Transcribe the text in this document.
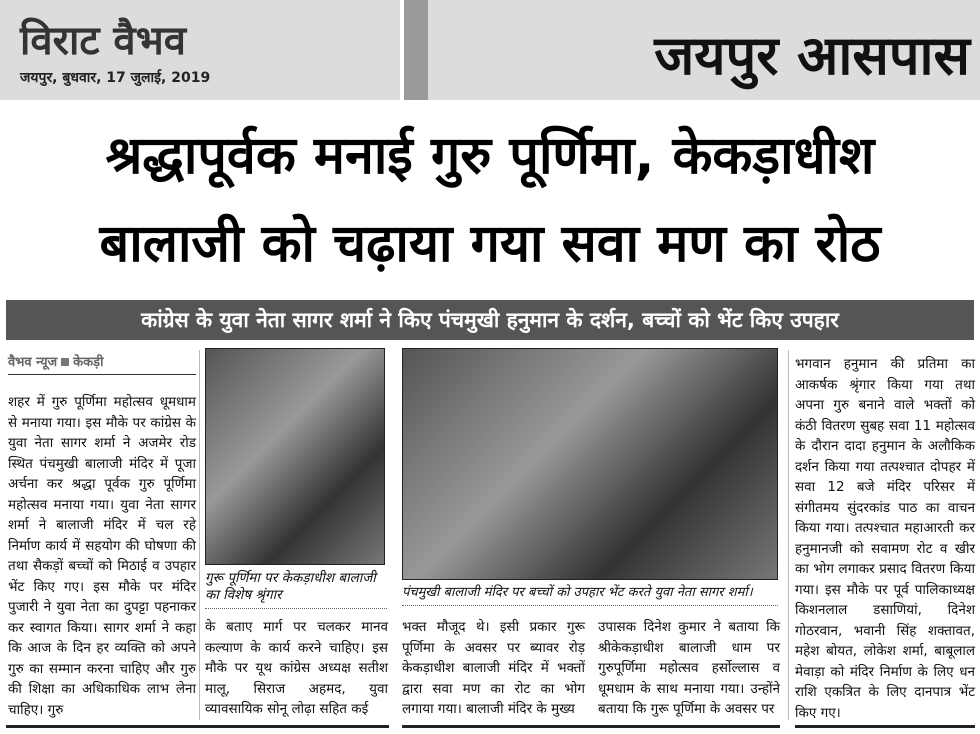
विराट वैभव
जयपुर, बुधवार, 17 जुलाई, 2019	जयपुर आसपास
श्रद्धापूर्वक मनाई गुरु पूर्णिमा, केकड़ाधीश
बालाजी को चढ़ाया गया सवा मण का रोठ
कांग्रेस के युवा नेता सागर शर्मा ने किए पंचमुखी हनुमान के दर्शन, बच्चों को भेंट किए उपहार
वैभव न्यूज केकड़ी
शहर में गुरु पूर्णिमा महोत्सव धूमधाम से मनाया गया। इस मौके पर कांग्रेस के युवा नेता सागर शर्मा ने अजमेर रोड स्थित पंचमुखी बालाजी मंदिर में पूजा अर्चना कर श्रद्धा पूर्वक गुरु पूर्णिमा महोत्सव मनाया गया। युवा नेता सागर शर्मा ने बालाजी मंदिर में चल रहे निर्माण कार्य में सहयोग की घोषणा की तथा सैकड़ों बच्चों को मिठाई व उपहार भेंट किए गए। इस मौके पर मंदिर पुजारी ने युवा नेता का दुपट्टा पहनाकर कर स्वागत किया। सागर शर्मा ने कहा कि आज के दिन हर व्यक्ति को अपने गुरु का सम्मान करना चाहिए और गुरु की शिक्षा का अधिकाधिक लाभ लेना चाहिए। गुरु
गुरू पूर्णिमा पर केकड़ाधीश बालाजी का विशेष श्रृंगार
के बताए मार्ग पर चलकर मानव कल्याण के कार्य करने चाहिए। इस मौके पर यूथ कांग्रेस अध्यक्ष सतीश मालू, सिराज अहमद, युवा व्यावसायिक सोनू लोढ़ा सहित कई
पंचमुखी बालाजी मंदिर पर बच्चों को उपहार भेंट करते युवा नेता सागर शर्मा।
भक्त मौजूद थे। इसी प्रकार गुरू पूर्णिमा के अवसर पर ब्यावर रोड़ केकड़ाधीश बालाजी मंदिर में भक्तों द्वारा सवा मण का रोट का भोग लगाया गया। बालाजी मंदिर के मुख्य
उपासक दिनेश कुमार ने बताया कि श्रीकेकड़ाधीश बालाजी धाम पर गुरुपूर्णिमा महोत्सव हर्सोल्लास व धूमधाम के साथ मनाया गया। उन्होंने बताया कि गुरू पूर्णिमा के अवसर पर
भगवान हनुमान की प्रतिमा का आकर्षक श्रृंगार किया गया तथा अपना गुरु बनाने वाले भक्तों को कंठी वितरण सुबह सवा 11 महोत्सव के दौरान दादा हनुमान के अलौकिक दर्शन किया गया तत्पश्चात दोपहर में सवा 12 बजे मंदिर परिसर में संगीतमय सुंदरकांड पाठ का वाचन किया गया। तत्पश्चात महाआरती कर हनुमानजी को सवामण रोट व खीर का भोग लगाकर प्रसाद वितरण किया गया। इस मौके पर पूर्व पालिकाध्यक्ष किशनलाल डसाणियां, दिनेश गोठरवान, भवानी सिंह शक्तावत, महेश बोयत, लोकेश शर्मा, बाबूलाल मेवाड़ा को मंदिर निर्माण के लिए धन राशि एकत्रित के लिए दानपात्र भेंट किए गए।
